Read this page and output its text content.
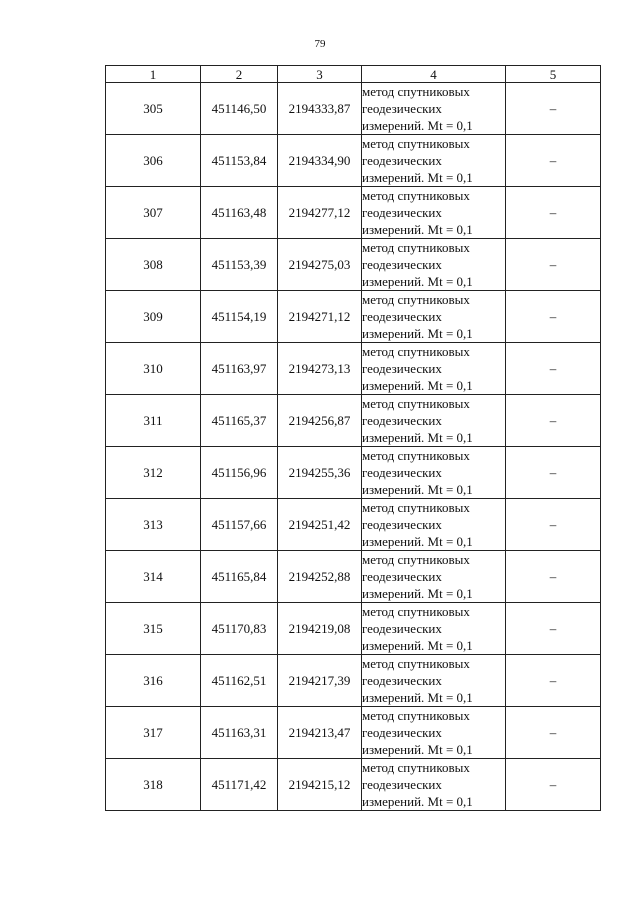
79
1	2	3	4	5
305	451146,50	2194333,87	метод спутниковых
геодезических
измерений. Mt = 0,1	–
306	451153,84	2194334,90	метод спутниковых
геодезических
измерений. Mt = 0,1	–
307	451163,48	2194277,12	метод спутниковых
геодезических
измерений. Mt = 0,1	–
308	451153,39	2194275,03	метод спутниковых
геодезических
измерений. Mt = 0,1	–
309	451154,19	2194271,12	метод спутниковых
геодезических
измерений. Mt = 0,1	–
310	451163,97	2194273,13	метод спутниковых
геодезических
измерений. Mt = 0,1	–
311	451165,37	2194256,87	метод спутниковых
геодезических
измерений. Mt = 0,1	–
312	451156,96	2194255,36	метод спутниковых
геодезических
измерений. Mt = 0,1	–
313	451157,66	2194251,42	метод спутниковых
геодезических
измерений. Mt = 0,1	–
314	451165,84	2194252,88	метод спутниковых
геодезических
измерений. Mt = 0,1	–
315	451170,83	2194219,08	метод спутниковых
геодезических
измерений. Mt = 0,1	–
316	451162,51	2194217,39	метод спутниковых
геодезических
измерений. Mt = 0,1	–
317	451163,31	2194213,47	метод спутниковых
геодезических
измерений. Mt = 0,1	–
318	451171,42	2194215,12	метод спутниковых
геодезических
измерений. Mt = 0,1	–
